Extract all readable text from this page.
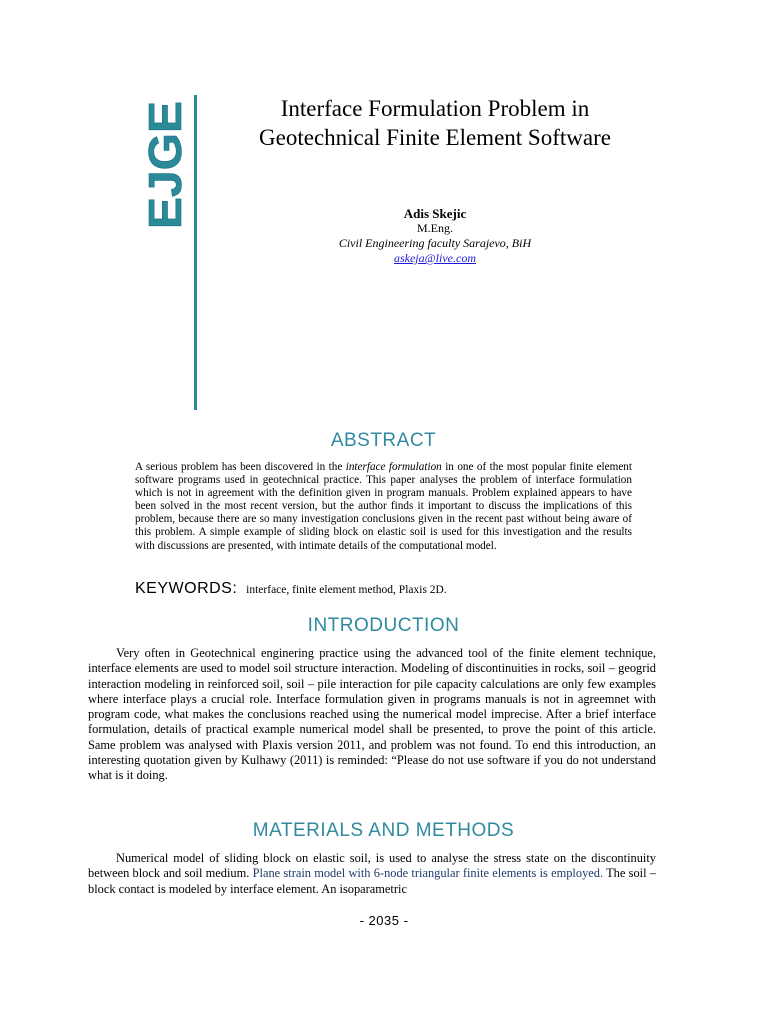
EJGE	Interface Formulation Problem in
Geotechnical Finite Element Software
Adis Skejic
M.Eng.
Civil Engineering faculty Sarajevo, BiH
askeja@live.com
ABSTRACT
A serious problem has been discovered in the interface formulation in one of the most popular finite element software programs used in geotechnical practice. This paper analyses the problem of interface formulation which is not in agreement with the definition given in program manuals. Problem explained appears to have been solved in the most recent version, but the author finds it important to discuss the implications of this problem, because there are so many investigation conclusions given in the recent past without being aware of this problem. A simple example of sliding block on elastic soil is used for this investigation and the results with discussions are presented, with intimate details of the computational model.
KEYWORDS: interface, finite element method, Plaxis 2D.
INTRODUCTION
Very often in Geotechnical enginering practice using the advanced tool of the finite element technique, interface elements are used to model soil structure interaction. Modeling of discontinuities in rocks, soil – geogrid interaction modeling in reinforced soil, soil – pile interaction for pile capacity calculations are only few examples where interface plays a crucial role. Interface formulation given in programs manuals is not in agreemnet with program code, what makes the conclusions reached using the numerical model imprecise. After a brief interface formulation, details of practical example numerical model shall be presented, to prove the point of this article. Same problem was analysed with Plaxis version 2011, and problem was not found. To end this introduction, an interesting quotation given by Kulhawy (2011) is reminded: “Please do not use software if you do not understand what is it doing.
MATERIALS AND METHODS
Numerical model of sliding block on elastic soil, is used to analyse the stress state on the discontinuity between block and soil medium. Plane strain model with 6-node triangular finite elements is employed. The soil – block contact is modeled by interface element. An isoparametric
- 2035 -
